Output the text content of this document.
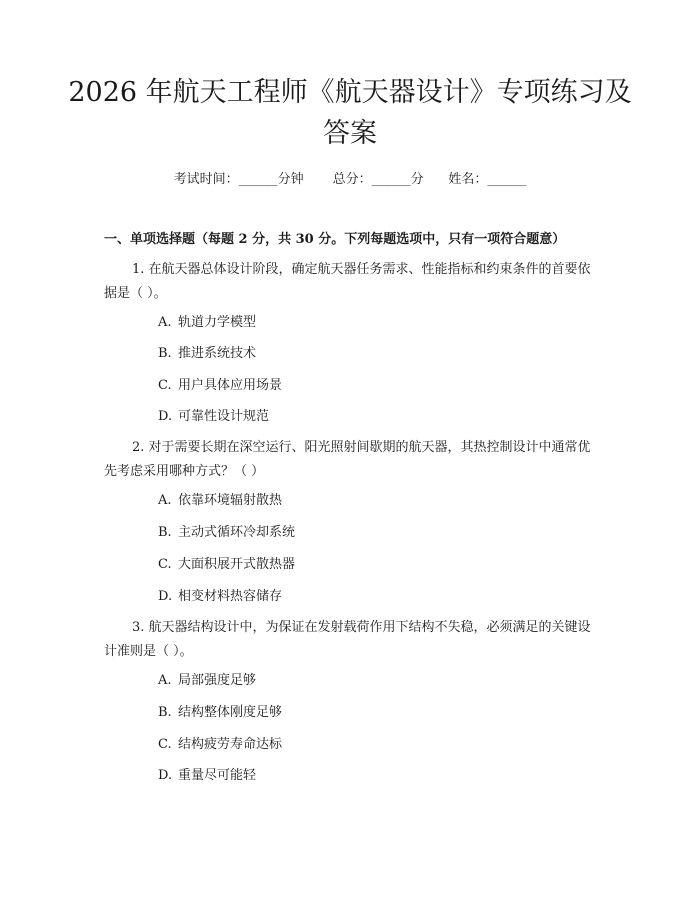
2026 年航天工程师《航天器设计》专项练习及答案
考试时间：______分钟 总分：______分 姓名：______
一、单项选择题（每题 2 分，共 30 分。下列每题选项中，只有一项符合题意）

1. 在航天器总体设计阶段，确定航天器任务需求、性能指标和约束条件的首要依据是（ ）。

A. 轨道力学模型
B. 推进系统技术
C. 用户具体应用场景
D. 可靠性设计规范

2. 对于需要长期在深空运行、阳光照射间歇期的航天器，其热控制设计中通常优先考虑采用哪种方式？（ ）

A. 依靠环境辐射散热
B. 主动式循环冷却系统
C. 大面积展开式散热器
D. 相变材料热容储存

3. 航天器结构设计中，为保证在发射载荷作用下结构不失稳，必须满足的关键设计准则是（ ）。

A. 局部强度足够
B. 结构整体刚度足够
C. 结构疲劳寿命达标
D. 重量尽可能轻
